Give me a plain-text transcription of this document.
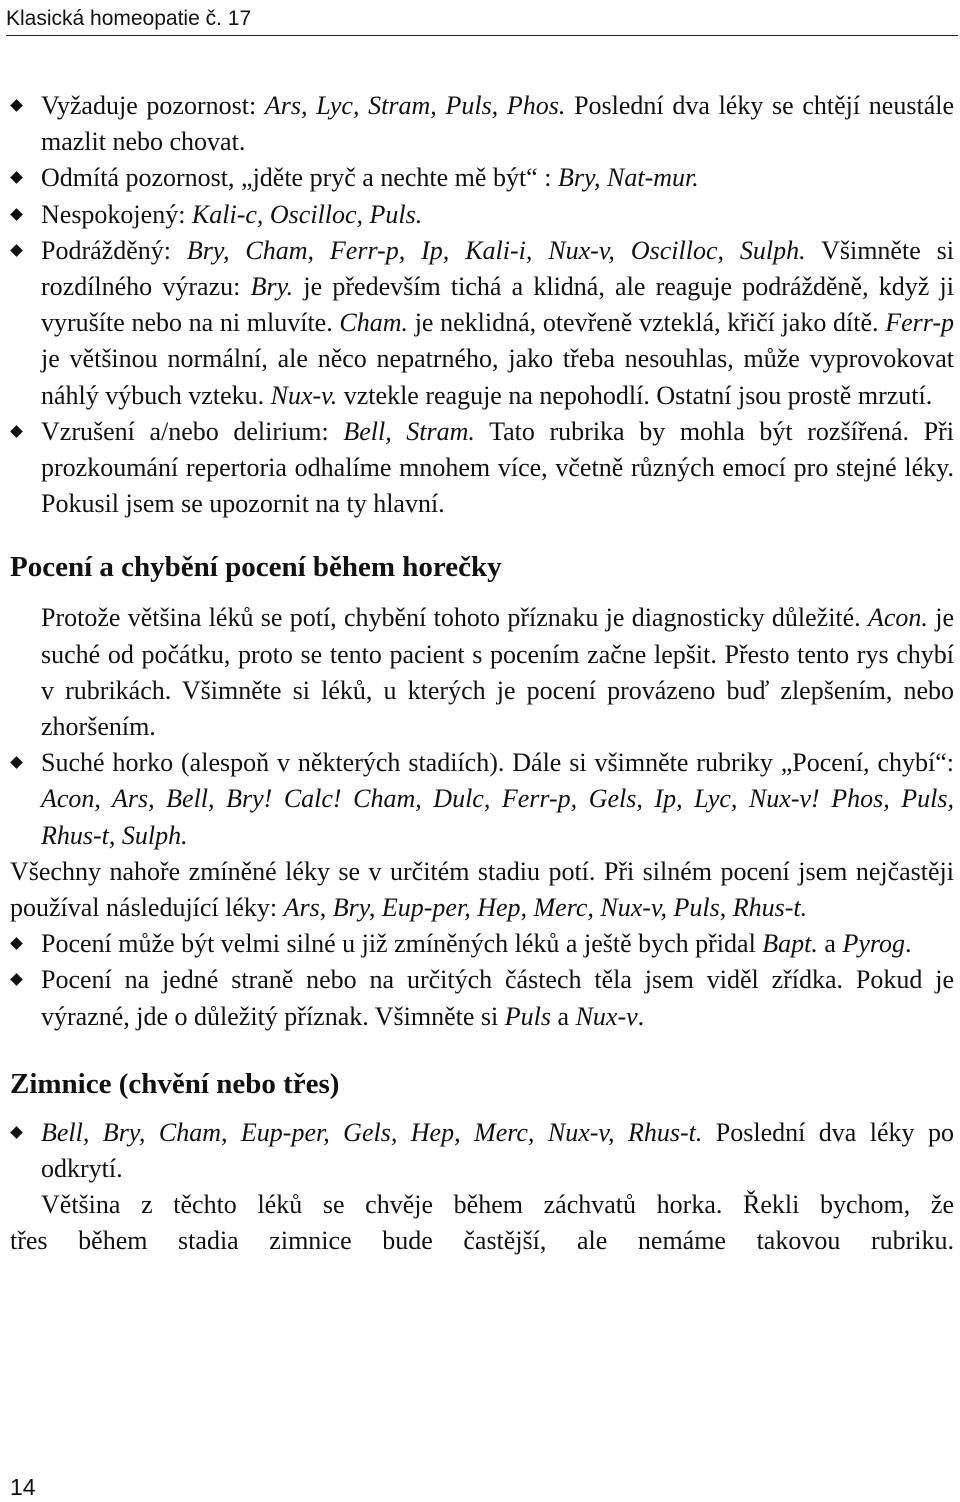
Klasická homeopatie č. 17
Vyžaduje pozornost: Ars, Lyc, Stram, Puls, Phos. Poslední dva léky se chtějí neustále mazlit nebo chovat.
Odmítá pozornost, „jděte pryč a nechte mě být“ : Bry, Nat-mur.
Nespokojený: Kali-c, Oscilloc, Puls.
Podrážděný: Bry, Cham, Ferr-p, Ip, Kali-i, Nux-v, Oscilloc, Sulph. Všimněte si rozdílného výrazu: Bry. je především tichá a klidná, ale reaguje podrážděně, když ji vyrušíte nebo na ni mluvíte. Cham. je neklidná, otevřeně vzteklá, křičí jako dítě. Ferr-p je většinou normální, ale něco nepatrného, jako třeba nesouhlas, může vyprovokovat náhlý výbuch vzteku. Nux-v. vztekle reaguje na nepohodlí. Ostatní jsou prostě mrzutí.
Vzrušení a/nebo delirium: Bell, Stram. Tato rubrika by mohla být rozšířená. Při prozkoumání repertoria odhalíme mnohem více, včetně různých emocí pro stejné léky. Pokusil jsem se upozornit na ty hlavní.
Pocení a chybění pocení během horečky
Protože většina léků se potí, chybění tohoto příznaku je diagnosticky důležité. Acon. je suché od počátku, proto se tento pacient s pocením začne lepšit. Přesto tento rys chybí v rubrikách. Všimněte si léků, u kterých je pocení provázeno buď zlepšením, nebo zhoršením.
Suché horko (alespoň v některých stadiích). Dále si všimněte rubriky „Pocení, chybí“: Acon, Ars, Bell, Bry! Calc! Cham, Dulc, Ferr-p, Gels, Ip, Lyc, Nux-v! Phos, Puls, Rhus-t, Sulph.
Všechny nahoře zmíněné léky se v určitém stadiu potí. Při silném pocení jsem nejčastěji používal následující léky: Ars, Bry, Eup-per, Hep, Merc, Nux-v, Puls, Rhus-t.
Pocení může být velmi silné u již zmíněných léků a ještě bych přidal Bapt. a Pyrog.
Pocení na jedné straně nebo na určitých částech těla jsem viděl zřídka. Pokud je výrazné, jde o důležitý příznak. Všimněte si Puls a Nux-v.
Zimnice (chvění nebo třes)
Bell, Bry, Cham, Eup-per, Gels, Hep, Merc, Nux-v, Rhus-t. Poslední dva léky po odkrytí.
Většina z těchto léků se chvěje během záchvatů horka. Řekli bychom, že
třes během stadia zimnice bude častější, ale nemáme takovou rubriku.
14
